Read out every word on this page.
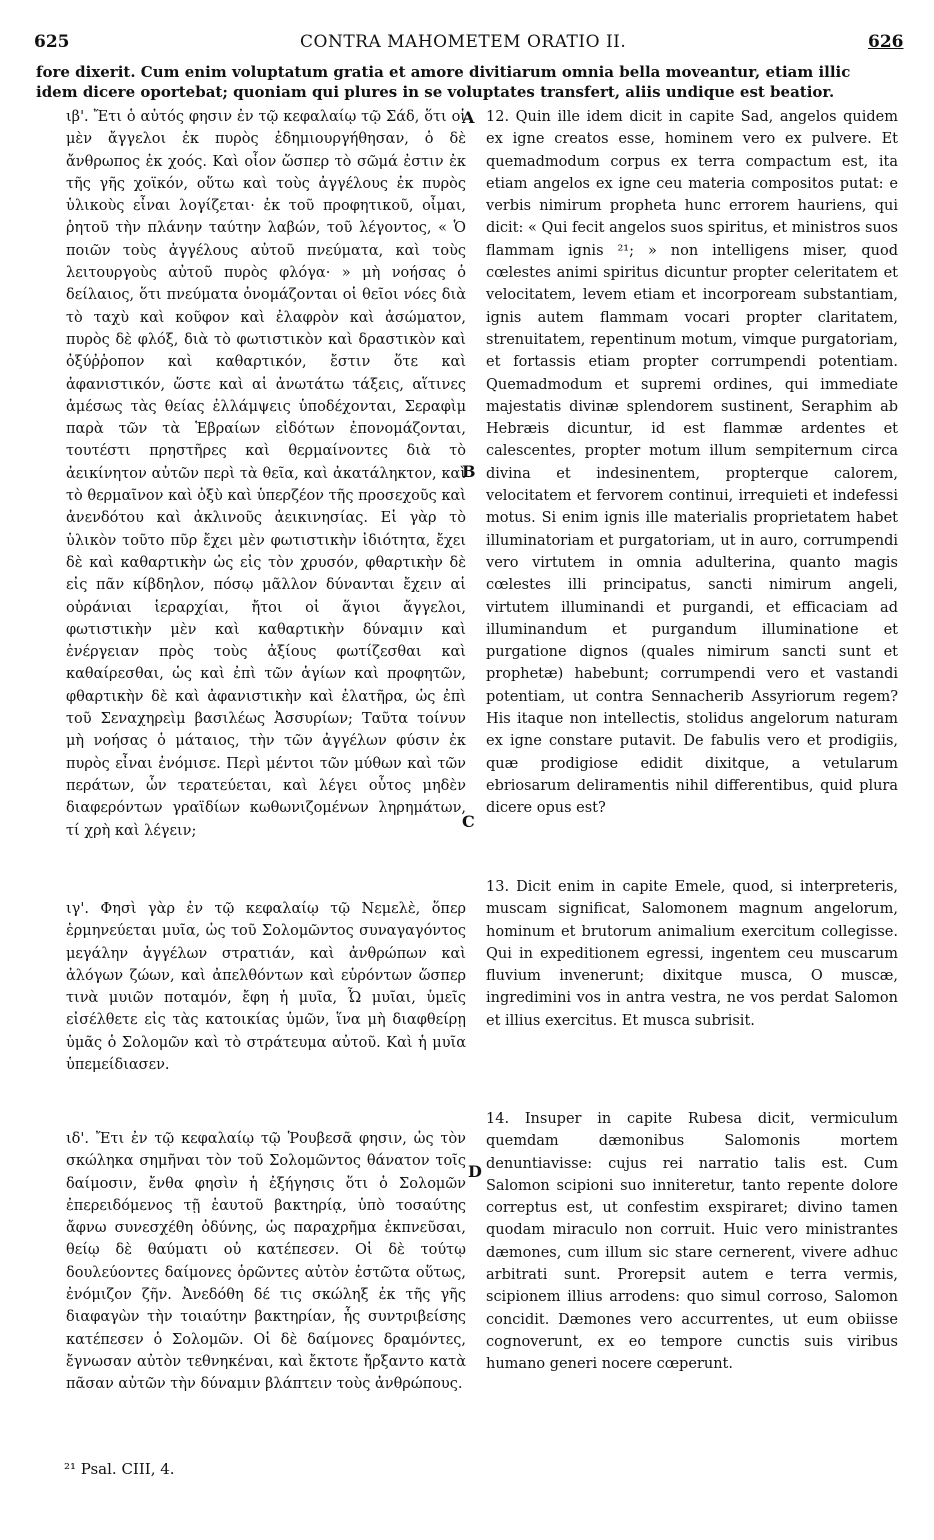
625	CONTRA MAHOMETEM ORATIO II.	626
fore dixerit. Cum enim voluptatum gratia et amore divitiarum omnia bella moveantur, etiam illic
idem dicere oportebat; quoniam qui plures in se voluptates transfert, aliis undique est beatior.

ιβ'. Ἔτι ὁ αὐτός φησιν ἐν τῷ κεφαλαίῳ τῷ Σάδ, ὅτι οἱ μὲν ἄγγελοι ἐκ πυρὸς ἐδημιουργήθησαν, ὁ δὲ ἄνθρωπος ἐκ χοός. Καὶ οἷον ὥσπερ τὸ σῶμά ἐστιν ἐκ τῆς γῆς χοϊκόν, οὕτω καὶ τοὺς ἀγγέλους ἐκ πυρὸς ὑλικοὺς εἶναι λογίζεται· ἐκ τοῦ προφητικοῦ, οἶμαι, ῥητοῦ τὴν πλάνην ταύτην λαβών, τοῦ λέγοντος, « Ὁ ποιῶν τοὺς ἀγγέλους αὐτοῦ πνεύματα, καὶ τοὺς λειτουργοὺς αὐτοῦ πυρὸς φλόγα· » μὴ νοήσας ὁ δείλαιος, ὅτι πνεύματα ὀνομάζονται οἱ θεῖοι νόες διὰ τὸ ταχὺ καὶ κοῦφον καὶ ἐλαφρὸν καὶ ἀσώματον, πυρὸς δὲ φλόξ, διὰ τὸ φωτιστικὸν καὶ δραστικὸν καὶ ὀξύῤῥοπον καὶ καθαρτικόν, ἔστιν ὅτε καὶ ἀφανιστικόν, ὥστε καὶ αἱ ἀνωτάτω τάξεις, αἵτινες ἀμέσως τὰς θείας ἐλλάμψεις ὑποδέχονται, Σεραφὶμ παρὰ τῶν τὰ Ἑβραίων εἰδότων ἐπονομάζονται, τουτέστι πρηστῆρες καὶ θερμαίνοντες διὰ τὸ ἀεικίνητον αὐτῶν περὶ τὰ θεῖα, καὶ ἀκατάληκτον, καὶ τὸ θερμαῖνον καὶ ὀξὺ καὶ ὑπερζέον τῆς προσεχοῦς καὶ ἀνενδότου καὶ ἀκλινοῦς ἀεικινησίας. Εἰ γὰρ τὸ ὑλικὸν τοῦτο πῦρ ἔχει μὲν φωτιστικὴν ἰδιότητα, ἔχει δὲ καὶ καθαρτικὴν ὡς εἰς τὸν χρυσόν, φθαρτικὴν δὲ εἰς πᾶν κίβδηλον, πόσῳ μᾶλλον δύνανται ἔχειν αἱ οὐράνιαι ἱεραρχίαι, ἤτοι οἱ ἅγιοι ἄγγελοι, φωτιστικὴν μὲν καὶ καθαρτικὴν δύναμιν καὶ ἐνέργειαν πρὸς τοὺς ἀξίους φωτίζεσθαι καὶ καθαίρεσθαι, ὡς καὶ ἐπὶ τῶν ἁγίων καὶ προφητῶν, φθαρτικὴν δὲ καὶ ἀφανιστικὴν καὶ ἐλατῆρα, ὡς ἐπὶ τοῦ Σεναχηρεὶμ βασιλέως Ἀσσυρίων; Ταῦτα τοίνυν μὴ νοήσας ὁ μάταιος, τὴν τῶν ἀγγέλων φύσιν ἐκ πυρὸς εἶναι ἐνόμισε. Περὶ μέντοι τῶν μύθων καὶ τῶν περάτων, ὧν τερατεύεται, καὶ λέγει οὗτος μηδὲν διαφερόντων γραϊδίων κωθωνιζομένων ληρημάτων, τί χρὴ καὶ λέγειν;

ιγ'. Φησὶ γὰρ ἐν τῷ κεφαλαίῳ τῷ Νεμελὲ, ὅπερ ἑρμηνεύεται μυῖα, ὡς τοῦ Σολομῶντος συναγαγόντος μεγάλην ἀγγέλων στρατιάν, καὶ ἀνθρώπων καὶ ἀλόγων ζώων, καὶ ἀπελθόντων καὶ εὑρόντων ὥσπερ τινὰ μυιῶν ποταμόν, ἔφη ἡ μυῖα, Ὦ μυῖαι, ὑμεῖς εἰσέλθετε εἰς τὰς κατοικίας ὑμῶν, ἵνα μὴ διαφθείρῃ ὑμᾶς ὁ Σολομῶν καὶ τὸ στράτευμα αὐτοῦ. Καὶ ἡ μυῖα ὑπεμείδιασεν.

ιδ'. Ἔτι ἐν τῷ κεφαλαίῳ τῷ Ῥουβεσᾶ φησιν, ὡς τὸν σκώληκα σημῆναι τὸν τοῦ Σολομῶντος θάνατον τοῖς δαίμοσιν, ἔνθα φησὶν ἡ ἐξήγησις ὅτι ὁ Σολομῶν ἐπερειδόμενος τῇ ἑαυτοῦ βακτηρίᾳ, ὑπὸ τοσαύτης ἄφνω συνεσχέθη ὀδύνης, ὡς παραχρῆμα ἐκπνεῦσαι, θείῳ δὲ θαύματι οὐ κατέπεσεν. Οἱ δὲ τούτῳ δουλεύοντες δαίμονες ὁρῶντες αὐτὸν ἑστῶτα οὕτως, ἐνόμιζον ζῆν. Ἀνεδόθη δέ τις σκώληξ ἐκ τῆς γῆς διαφαγὼν τὴν τοιαύτην βακτηρίαν, ἧς συντριβείσης κατέπεσεν ὁ Σολομῶν. Οἱ δὲ δαίμονες δραμόντες, ἔγνωσαν αὐτὸν τεθνηκέναι, καὶ ἔκτοτε ἤρξαντο κατὰ πᾶσαν αὐτῶν τὴν δύναμιν βλάπτειν τοὺς ἀνθρώπους.

12. Quin ille idem dicit in capite Sad, angelos quidem ex igne creatos esse, hominem vero ex pulvere. Et quemadmodum corpus ex terra compactum est, ita etiam angelos ex igne ceu materia compositos putat: e verbis nimirum propheta hunc errorem hauriens, qui dicit: « Qui fecit angelos suos spiritus, et ministros suos flammam ignis ²¹; » non intelligens miser, quod cœlestes animi spiritus dicuntur propter celeritatem et velocitatem, levem etiam et incorpoream substantiam, ignis autem flammam vocari propter claritatem, strenuitatem, repentinum motum, vimque purgatoriam, et fortassis etiam propter corrumpendi potentiam. Quemadmodum et supremi ordines, qui immediate majestatis divinæ splendorem sustinent, Seraphim ab Hebræis dicuntur, id est flammæ ardentes et calescentes, propter motum illum sempiternum circa divina et indesinentem, propterque calorem, velocitatem et fervorem continui, irrequieti et indefessi motus. Si enim ignis ille materialis proprietatem habet illuminatoriam et purgatoriam, ut in auro, corrumpendi vero virtutem in omnia adulterina, quanto magis cœlestes illi principatus, sancti nimirum angeli, virtutem illuminandi et purgandi, et efficaciam ad illuminandum et purgandum illuminatione et purgatione dignos (quales nimirum sancti sunt et prophetæ) habebunt; corrumpendi vero et vastandi potentiam, ut contra Sennacherib Assyriorum regem? His itaque non intellectis, stolidus angelorum naturam ex igne constare putavit. De fabulis vero et prodigiis, quæ prodigiose edidit dixitque, a vetularum ebriosarum deliramentis nihil differentibus, quid plura dicere opus est?

13. Dicit enim in capite Emele, quod, si interpreteris, muscam significat, Salomonem magnum angelorum, hominum et brutorum animalium exercitum collegisse. Qui in expeditionem egressi, ingentem ceu muscarum fluvium invenerunt; dixitque musca, O muscæ, ingredimini vos in antra vestra, ne vos perdat Salomon et illius exercitus. Et musca subrisit.

14. Insuper in capite Rubesa dicit, vermiculum quemdam dæmonibus Salomonis mortem denuntiavisse: cujus rei narratio talis est. Cum Salomon scipioni suo inniteretur, tanto repente dolore correptus est, ut confestim exspiraret; divino tamen quodam miraculo non corruit. Huic vero ministrantes dæmones, cum illum sic stare cernerent, vivere adhuc arbitrati sunt. Prorepsit autem e terra vermis, scipionem illius arrodens: quo simul corroso, Salomon concidit. Dæmones vero accurrentes, ut eum obiisse cognoverunt, ex eo tempore cunctis suis viribus humano generi nocere cœperunt.

A
B
C
D
²¹ Psal. CIII, 4.
